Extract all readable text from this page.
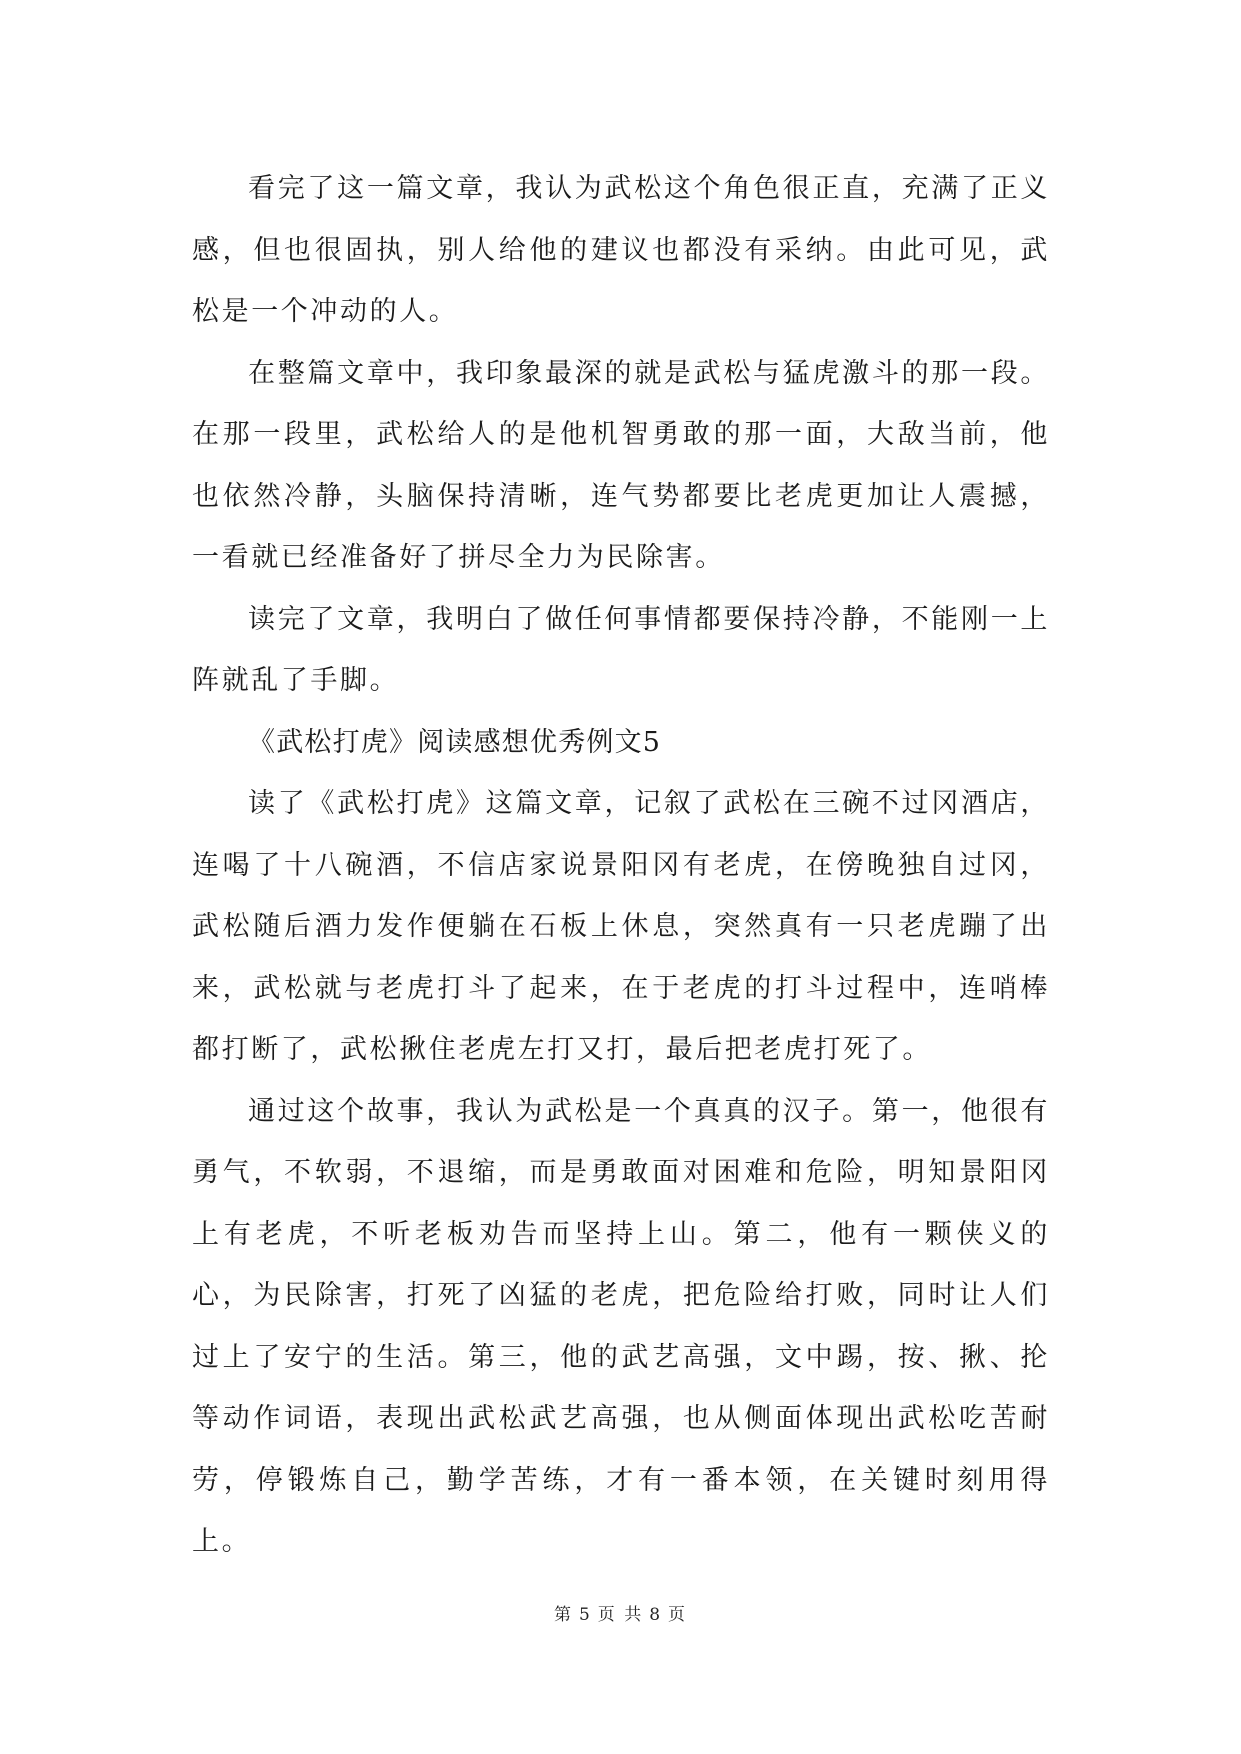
看完了这一篇文章，我认为武松这个角色很正直，充满了正义感，但也很固执，别人给他的建议也都没有采纳。由此可见，武松是一个冲动的人。

在整篇文章中，我印象最深的就是武松与猛虎激斗的那一段。在那一段里，武松给人的是他机智勇敢的那一面，大敌当前，他也依然冷静，头脑保持清晰，连气势都要比老虎更加让人震撼，一看就已经准备好了拼尽全力为民除害。

读完了文章，我明白了做任何事情都要保持冷静，不能刚一上阵就乱了手脚。

《武松打虎》阅读感想优秀例文5

读了《武松打虎》这篇文章，记叙了武松在三碗不过冈酒店，连喝了十八碗酒，不信店家说景阳冈有老虎，在傍晚独自过冈，武松随后酒力发作便躺在石板上休息，突然真有一只老虎蹦了出来，武松就与老虎打斗了起来，在于老虎的打斗过程中，连哨棒都打断了，武松揪住老虎左打又打，最后把老虎打死了。

通过这个故事，我认为武松是一个真真的汉子。第一，他很有勇气，不软弱，不退缩，而是勇敢面对困难和危险，明知景阳冈上有老虎，不听老板劝告而坚持上山。第二，他有一颗侠义的心，为民除害，打死了凶猛的老虎，把危险给打败，同时让人们过上了安宁的生活。第三，他的武艺高强，文中踢，按、揪、抡等动作词语，表现出武松武艺高强，也从侧面体现出武松吃苦耐劳，停锻炼自己，勤学苦练，才有一番本领，在关键时刻用得上。

第 5 页 共 8 页
